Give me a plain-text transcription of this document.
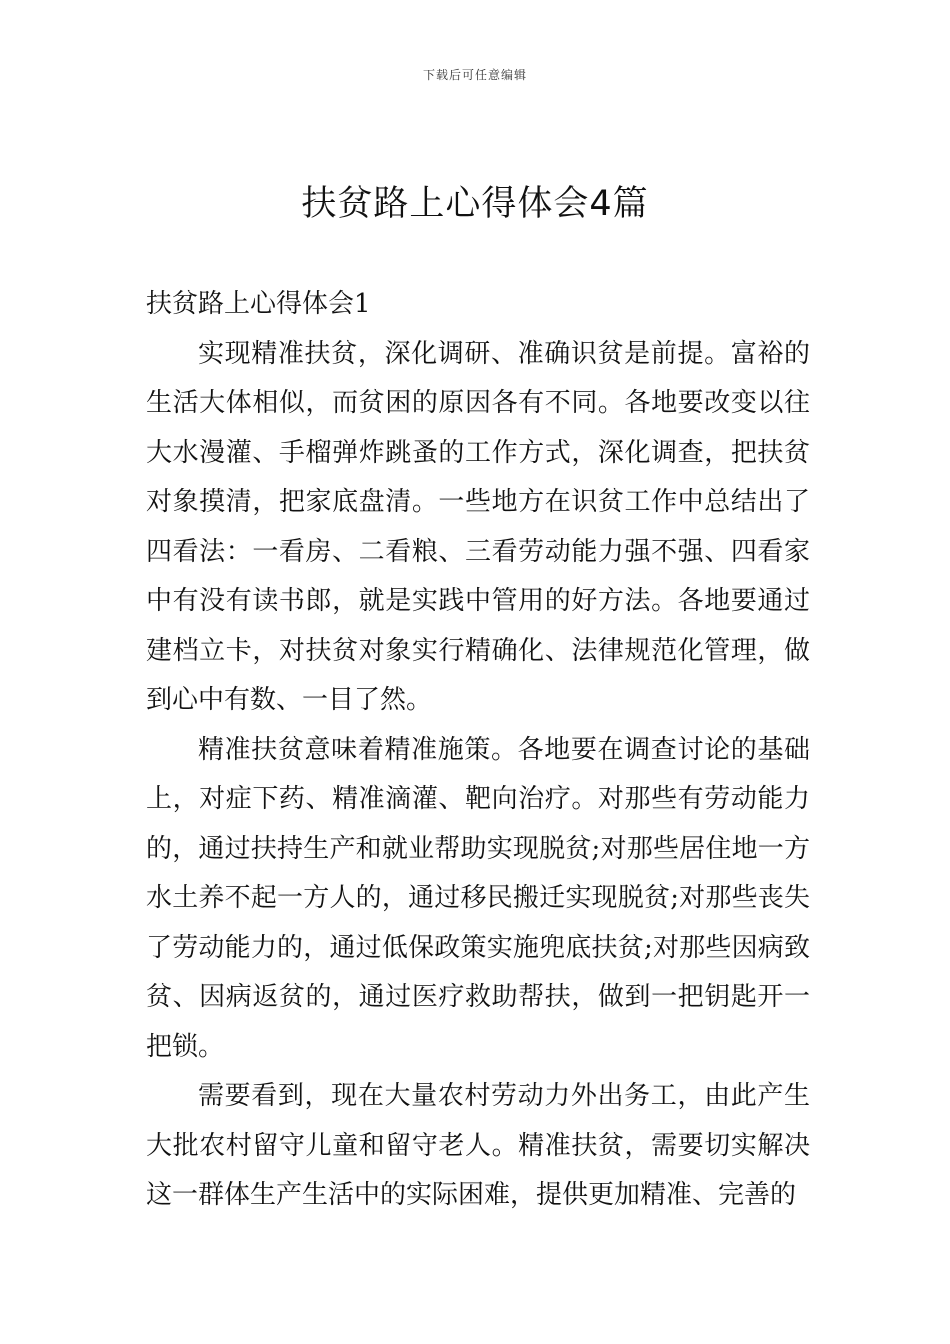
下载后可任意编辑
扶贫路上心得体会4篇

扶贫路上心得体会1

实现精准扶贫，深化调研、准确识贫是前提。富裕的生活大体相似，而贫困的原因各有不同。各地要改变以往大水漫灌、手榴弹炸跳蚤的工作方式，深化调查，把扶贫对象摸清，把家底盘清。一些地方在识贫工作中总结出了四看法：一看房、二看粮、三看劳动能力强不强、四看家中有没有读书郎，就是实践中管用的好方法。各地要通过建档立卡，对扶贫对象实行精确化、法律规范化管理，做到心中有数、一目了然。

精准扶贫意味着精准施策。各地要在调查讨论的基础上，对症下药、精准滴灌、靶向治疗。对那些有劳动能力的，通过扶持生产和就业帮助实现脱贫;对那些居住地一方水土养不起一方人的，通过移民搬迁实现脱贫;对那些丧失了劳动能力的，通过低保政策实施兜底扶贫;对那些因病致贫、因病返贫的，通过医疗救助帮扶，做到一把钥匙开一把锁。

需要看到，现在大量农村劳动力外出务工，由此产生大批农村留守儿童和留守老人。精准扶贫，需要切实解决这一群体生产生活中的实际困难，提供更加精准、完善的
